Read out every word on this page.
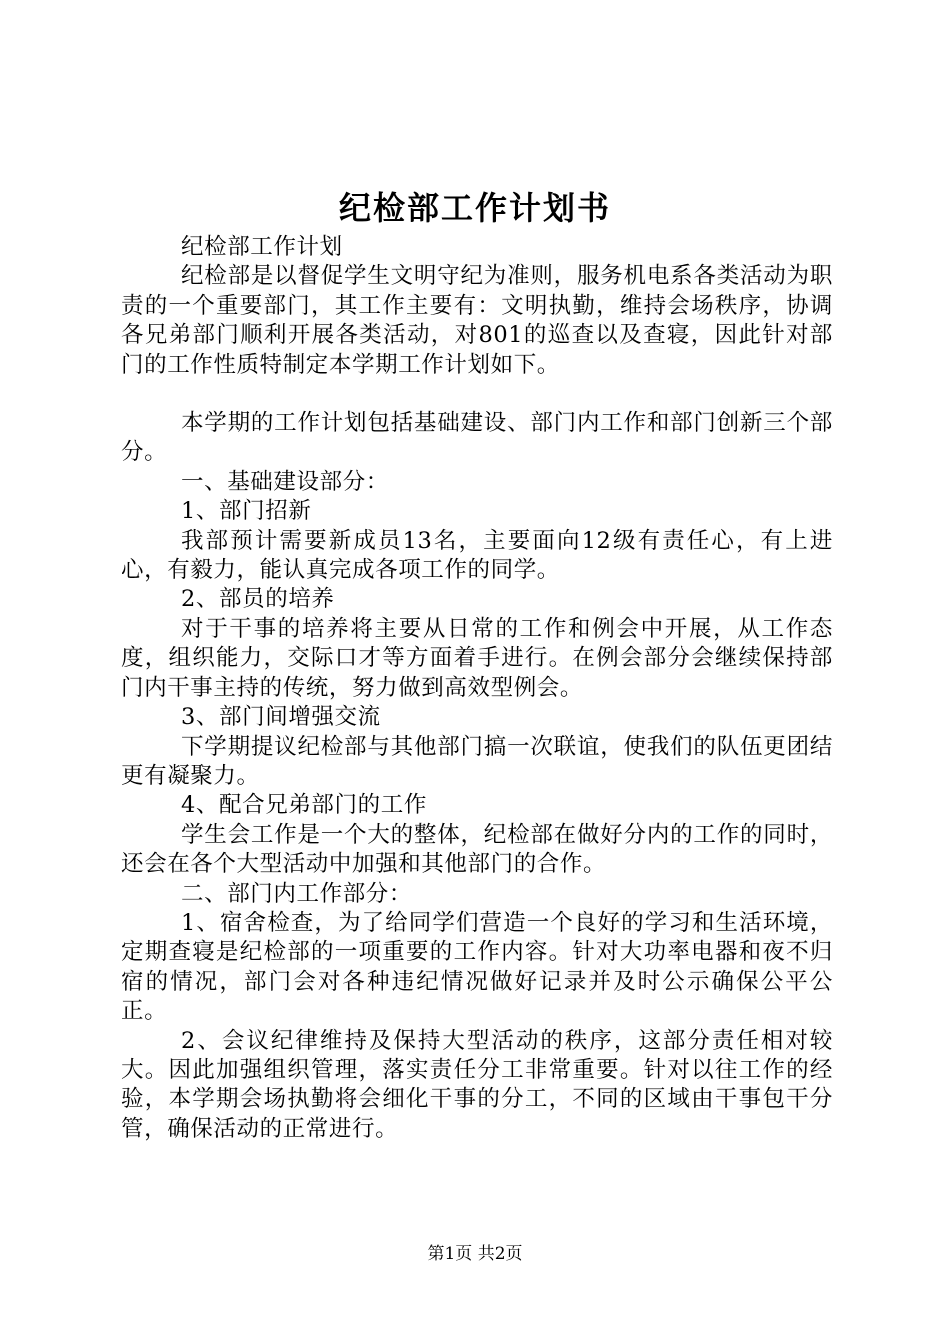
纪检部工作计划书

纪检部工作计划

纪检部是以督促学生文明守纪为准则，服务机电系各类活动为职责的一个重要部门，其工作主要有：文明执勤，维持会场秩序，协调各兄弟部门顺利开展各类活动，对801的巡查以及查寝，因此针对部门的工作性质特制定本学期工作计划如下。

本学期的工作计划包括基础建设、部门内工作和部门创新三个部分。

一、基础建设部分：

1、部门招新

我部预计需要新成员13名，主要面向12级有责任心，有上进心，有毅力，能认真完成各项工作的同学。

2、部员的培养

对于干事的培养将主要从日常的工作和例会中开展，从工作态度，组织能力，交际口才等方面着手进行。在例会部分会继续保持部门内干事主持的传统，努力做到高效型例会。

3、部门间增强交流

下学期提议纪检部与其他部门搞一次联谊，使我们的队伍更团结更有凝聚力。

4、配合兄弟部门的工作

学生会工作是一个大的整体，纪检部在做好分内的工作的同时，还会在各个大型活动中加强和其他部门的合作。

二、部门内工作部分：

1、宿舍检查，为了给同学们营造一个良好的学习和生活环境，定期查寝是纪检部的一项重要的工作内容。针对大功率电器和夜不归宿的情况，部门会对各种违纪情况做好记录并及时公示确保公平公正。

2、会议纪律维持及保持大型活动的秩序，这部分责任相对较大。因此加强组织管理，落实责任分工非常重要。针对以往工作的经验，本学期会场执勤将会细化干事的分工，不同的区域由干事包干分管，确保活动的正常进行。

第1页 共2页
